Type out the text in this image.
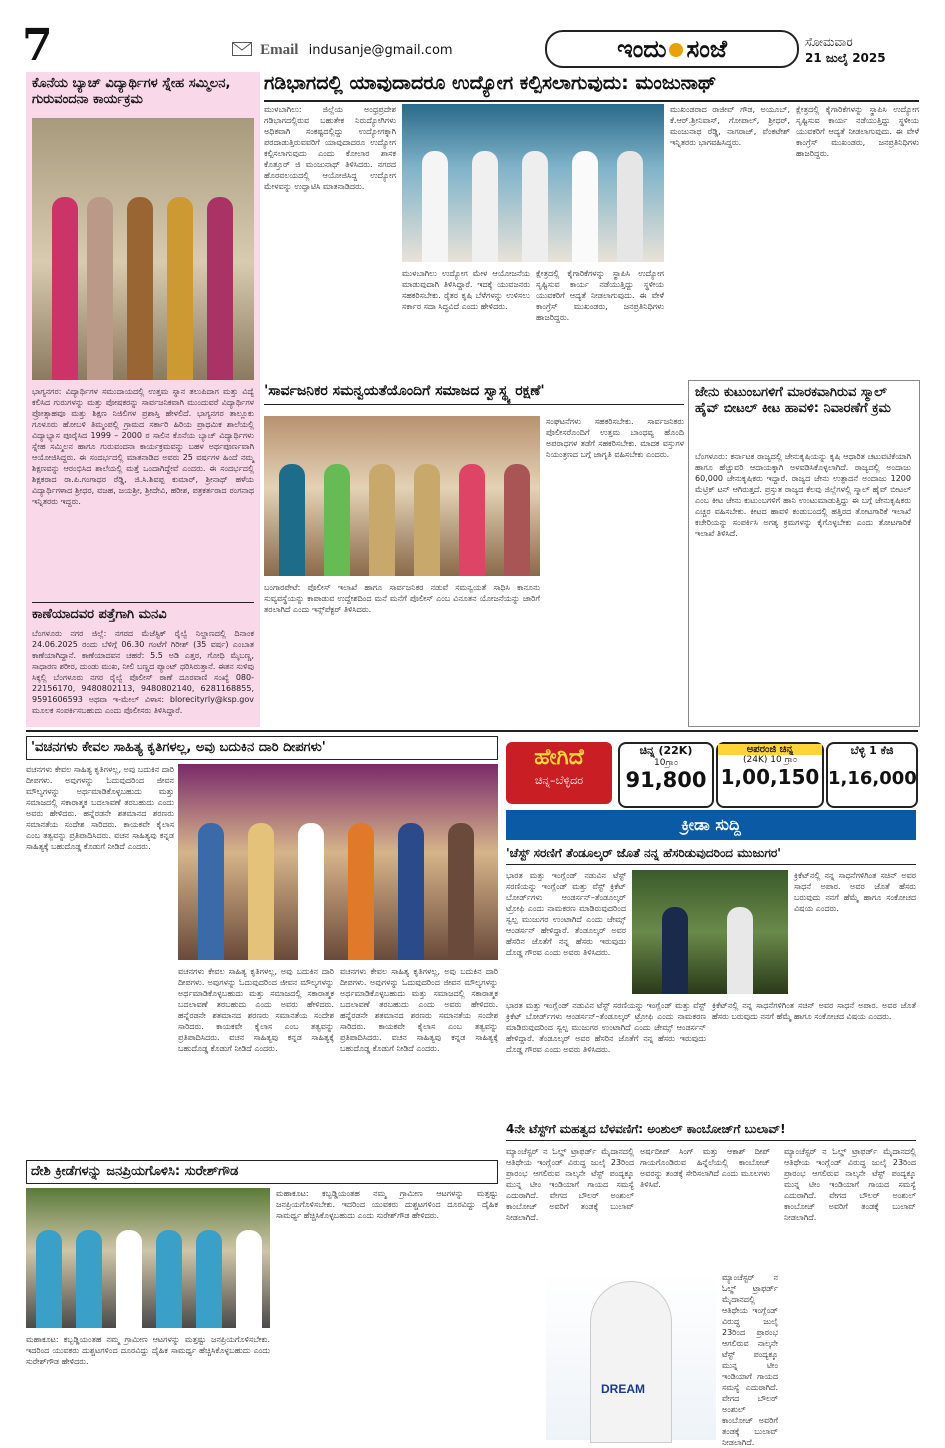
7	Email indusanje@gmail.com	ಇಂದು ಸಂಜೆ	ಸೋಮವಾರ
21 ಜುಲೈ 2025
ಕೊನೆಯ ಬ್ಯಾಚ್ ವಿದ್ಯಾರ್ಥಿಗಳ ಸ್ನೇಹ ಸಮ್ಮಿಲನ, ಗುರುವಂದನಾ ಕಾರ್ಯಕ್ರಮ
ಭಾಗ್ಯನಗರ: ವಿದ್ಯಾರ್ಥಿಗಳ ಸಮುದಾಯದಲ್ಲಿ ಉತ್ತಮ ಸ್ನಾನ ತಲುಪಿದಾಗ ಮತ್ತು ವಿದ್ಯೆ ಕಲಿಸಿದ ಗುರುಗಳನ್ನು ಮತ್ತು ಪೋಷಕರನ್ನು ಸಾರ್ವಜನಿಕವಾಗಿ ಮುಂದುವರೆ ವಿದ್ಯಾರ್ಥಿಗಳ ಪ್ರೋತ್ಸಾಹವೂ ಮತ್ತು ಶಿಕ್ಷಣ ನಿಜಿಲಿಗಳ ಪ್ರಶಾಸ್ತಿ ಹೇಳಲಿದೆ. ಭಾಗ್ಯನಗರ ತಾಲ್ಲೂಕು ಗೂಳೂರು ಹೋಬಳಿ ತಿಮ್ಮಂಪಲ್ಲಿ ಗ್ರಾಮದ ಸರ್ಕಾರಿ ಹಿರಿಯ ಪ್ರಾಥಮಿಕ ಶಾಲೆಯಲ್ಲಿ ವಿದ್ಯಾಭ್ಯಾಸ ಪೂರೈಸಿದ 1999 – 2000 ರ ಸಾಲಿನ ಕೊನೆಯ ಬ್ಯಾಚ್ ವಿದ್ಯಾರ್ಥಿಗಳು ಸ್ನೇಹ ಸಮ್ಮಿಲನ ಹಾಗೂ ಗುರುವಂದನಾ ಕಾರ್ಯಕ್ರಮವನ್ನು ಬಹಳ ಅರ್ಥಪೂರ್ಣವಾಗಿ ಆಯೋಜಿಸಿದ್ದರು. ಈ ಸಂದರ್ಭದಲ್ಲಿ ಮಾತನಾಡಿದ ಅವರು 25 ವರ್ಷಗಳ ಹಿಂದೆ ನಮ್ಮ ಶಿಕ್ಷಣವನ್ನು ಆರಂಭಿಸಿದ ಶಾಲೆಯಲ್ಲಿ ಮತ್ತೆ ಒಂದಾಗಿದ್ದೇವೆ ಎಂದರು. ಈ ಸಂದರ್ಭದಲ್ಲಿ ಶಿಕ್ಷಕರಾದ ರಾ.ಪಿ.ಗಂಗಾಧರ ರೆಡ್ಡಿ, ಜಿ.ಸಿ.ಶಿವಪ್ಪ ಕುಮಾರ್, ಶ್ರೀನಾಥ್ ಹಳೆಯ ವಿದ್ಯಾರ್ಥಿಗಳಾದ ಶ್ರೀಧರ, ವಜಹ, ಜಯಶ್ರೀ, ಶ್ರೀದೇವಿ, ಹರೀಶ, ಪತ್ರಕರ್ತರಾದ ರಂಗನಾಥ ಇನ್ನಿತರರು ಇದ್ದರು.
ಕಾಣೆಯಾದವರ ಪತ್ತೆಗಾಗಿ ಮನವಿ
ಬೆಂಗಳೂರು ನಗರ ಜಿಲ್ಲೆ: ನಗರದ ಮೆಜೆಸ್ಟಿಕ್ ರೈಲ್ವೆ ನಿಲ್ದಾಣದಲ್ಲಿ ದಿನಾಂಕ 24.06.2025 ರಂದು ಬೆಳಿಗ್ಗೆ 06.30 ಗಂಟೆಗೆ ಗಿರೀಶ್ (35 ವರ್ಷ) ಎಂಬಾತ ಕಾಣೆಯಾಗಿದ್ದಾನೆ. ಕಾಣೆಯಾದವನ ಚಹರೆ: 5.5 ಅಡಿ ಎತ್ತರ, ಗೋಧಿ ಮೈಬಣ್ಣ, ಸಾಧಾರಣ ಶರೀರ, ದುಂಡು ಮುಖ, ನೀಲಿ ಬಣ್ಣದ ಪ್ಯಾಂಟ್ ಧರಿಸಿರುತ್ತಾನೆ. ಈತನ ಸುಳಿವು ಸಿಕ್ಕಲ್ಲಿ ಬೆಂಗಳೂರು ನಗರ ರೈಲ್ವೆ ಪೊಲೀಸ್ ಠಾಣೆ ದೂರವಾಣಿ ಸಂಖ್ಯೆ 080-22156170, 9480802113, 9480802140, 6281168855, 9591606593 ಅಥವಾ ಇ-ಮೇಲ್ ವಿಳಾಸ: blorecityrly@ksp.gov ಮೂಲಕ ಸಂಪರ್ಕಿಸಬಹುದು ಎಂದು ಪೊಲೀಸರು ತಿಳಿಸಿದ್ದಾರೆ.
ಗಡಿಭಾಗದಲ್ಲಿ ಯಾವುದಾದರೂ ಉದ್ಯೋಗ ಕಲ್ಪಿಸಲಾಗುವುದು: ಮಂಜುನಾಥ್
ಮುಳಬಾಗಿಲು: ಜಿಲ್ಲೆಯ ಅಂಧ್ರಪ್ರದೇಶ ಗಡಿಭಾಗದಲ್ಲಿರುವ ಬಹುತೇಕ ನಿರುದ್ಯೋಗಿಗಳು ಅಧಿಕವಾಗಿ ಸಂಕಷ್ಟದಲ್ಲಿದ್ದು ಉದ್ಯೋಗಕ್ಕಾಗಿ ಪರದಾಡುತ್ತಿರುವವರಿಗೆ ಯಾವುದಾದರೂ ಉದ್ಯೋಗ ಕಲ್ಪಿಸಲಾಗುವುದು ಎಂದು ಕೋಲಾರ ಶಾಸಕ ಕೊತ್ತೂರ್ ಜಿ ಮಂಜುನಾಥ್ ತಿಳಿಸಿದರು. ನಗರದ ಹೊರವಲಯದಲ್ಲಿ ಆಯೋಜಿಸಿದ್ದ ಉದ್ಯೋಗ ಮೇಳವನ್ನು ಉದ್ಘಾಟಿಸಿ ಮಾತನಾಡಿದರು.
ಮುಳಬಾಗಿಲು ಉದ್ಯೋಗ ಮೇಳ ಆಯೋಜನೆಯ ಮಾಡುವುದಾಗಿ ತಿಳಿಸಿದ್ದಾರೆ. ಇದಕ್ಕೆ ಯುವಜನರು ಸಹಕರಿಸಬೇಕು. ರೈತರ ಕೃಷಿ ಬೆಳೆಗಳನ್ನು ಉಳಿಸಲು ಸರ್ಕಾರ ಸದಾ ಸಿದ್ಧವಿದೆ ಎಂದು ಹೇಳಿದರು.
ಕ್ಷೇತ್ರದಲ್ಲಿ ಕೈಗಾರಿಕೆಗಳನ್ನು ಸ್ಥಾಪಿಸಿ ಉದ್ಯೋಗ ಸೃಷ್ಟಿಸುವ ಕಾರ್ಯ ನಡೆಯುತ್ತಿದ್ದು ಸ್ಥಳೀಯ ಯುವಕರಿಗೆ ಆದ್ಯತೆ ನೀಡಲಾಗುವುದು. ಈ ವೇಳೆ ಕಾಂಗ್ರೆಸ್ ಮುಖಂಡರು, ಜನಪ್ರತಿನಿಧಿಗಳು ಹಾಜರಿದ್ದರು.
ಮುಖಂಡರಾದ ರಾಜೀವ್ ಗೌಡ, ಅಯೂಬ್, ಕೆ.ಆರ್.ಶ್ರೀನಿವಾಸ್, ಗೋಪಾಲ್, ಶ್ರೀಧರ್, ಮಂಜುನಾಥ ರೆಡ್ಡಿ, ನಾಗರಾಜ್, ವೆಂಕಟೇಶ್ ಇನ್ನಿತರರು ಭಾಗವಹಿಸಿದ್ದರು.
ಕ್ಷೇತ್ರದಲ್ಲಿ ಕೈಗಾರಿಕೆಗಳನ್ನು ಸ್ಥಾಪಿಸಿ ಉದ್ಯೋಗ ಸೃಷ್ಟಿಸುವ ಕಾರ್ಯ ನಡೆಯುತ್ತಿದ್ದು ಸ್ಥಳೀಯ ಯುವಕರಿಗೆ ಆದ್ಯತೆ ನೀಡಲಾಗುವುದು. ಈ ವೇಳೆ ಕಾಂಗ್ರೆಸ್ ಮುಖಂಡರು, ಜನಪ್ರತಿನಿಧಿಗಳು ಹಾಜರಿದ್ದರು.
'ಸಾರ್ವಜನಿಕರ ಸಮನ್ವಯತೆಯೊಂದಿಗೆ ಸಮಾಜದ ಸ್ವಾಸ್ಥ್ಯ ರಕ್ಷಣೆ'
ಬಂಗಾರಪೇಟೆ: ಪೊಲೀಸ್ ಇಲಾಖೆ ಹಾಗೂ ಸಾರ್ವಜನಿಕರ ನಡುವೆ ಸಮನ್ವಯತೆ ಸಾಧಿಸಿ ಕಾನೂನು ಸುವ್ಯವಸ್ಥೆಯನ್ನು ಕಾಪಾಡುವ ಉದ್ದೇಶದಿಂದ ಮನೆ ಮನೆಗೆ ಪೊಲೀಸ್ ಎಂಬ ವಿನೂತನ ಯೋಜನೆಯನ್ನು ಜಾರಿಗೆ ತರಲಾಗಿದೆ ಎಂದು ಇನ್ಸ್‌ಪೆಕ್ಟರ್ ತಿಳಿಸಿದರು.
ಸಂಘಟನೆಗಳು ಸಹಕರಿಸಬೇಕು. ಸಾರ್ವಜನಿಕರು ಪೊಲೀಸರೊಂದಿಗೆ ಉತ್ತಮ ಬಾಂಧವ್ಯ ಹೊಂದಿ ಅಪರಾಧಗಳ ತಡೆಗೆ ಸಹಕರಿಸಬೇಕು. ಮಾದಕ ವಸ್ತುಗಳ ನಿಯಂತ್ರಣದ ಬಗ್ಗೆ ಜಾಗೃತಿ ವಹಿಸಬೇಕು ಎಂದರು.
ಜೇನು ಕುಟುಂಬಗಳಿಗೆ ಮಾರಕವಾಗಿರುವ ಸ್ಮಾಲ್ ಹೈವ್ ಬೀಟಲ್ ಕೀಟ ಹಾವಳಿ: ನಿವಾರಣೆಗೆ ಕ್ರಮ
ಬೆಂಗಳೂರು: ಕರ್ನಾಟಕ ರಾಜ್ಯದಲ್ಲಿ ಜೇನುಕೃಷಿಯನ್ನು ಕೃಷಿ ಆಧಾರಿತ ಚಟುವಟಿಕೆಯಾಗಿ ಹಾಗೂ ಹೆಚ್ಚುವರಿ ಆದಾಯಕ್ಕಾಗಿ ಅಳವಡಿಸಿಕೊಳ್ಳಲಾಗಿದೆ. ರಾಜ್ಯದಲ್ಲಿ ಅಂದಾಜು 60,000 ಜೇನುಕೃಷಿಕರು ಇದ್ದಾರೆ. ರಾಜ್ಯದ ಜೇನು ಉತ್ಪಾದನೆ ಅಂದಾಜು 1200 ಮೆಟ್ರಿಕ್ ಟನ್ ಆಗಿರುತ್ತದೆ. ಪ್ರಸ್ತುತ ರಾಜ್ಯದ ಕೆಲವು ಜಿಲ್ಲೆಗಳಲ್ಲಿ ಸ್ಮಾಲ್ ಹೈವ್ ಬೀಟಲ್ ಎಂಬ ಕೀಟ ಜೇನು ಕುಟುಂಬಗಳಿಗೆ ಹಾನಿ ಉಂಟುಮಾಡುತ್ತಿದ್ದು ಈ ಬಗ್ಗೆ ಜೇನುಕೃಷಿಕರು ಎಚ್ಚರ ವಹಿಸಬೇಕು. ಕೀಟದ ಹಾವಳಿ ಕಂಡುಬಂದಲ್ಲಿ ಹತ್ತಿರದ ತೋಟಗಾರಿಕೆ ಇಲಾಖೆ ಕಚೇರಿಯನ್ನು ಸಂಪರ್ಕಿಸಿ ಅಗತ್ಯ ಕ್ರಮಗಳನ್ನು ಕೈಗೊಳ್ಳಬೇಕು ಎಂದು ತೋಟಗಾರಿಕೆ ಇಲಾಖೆ ತಿಳಿಸಿದೆ.
'ವಚನಗಳು ಕೇವಲ ಸಾಹಿತ್ಯ ಕೃತಿಗಳಲ್ಲ, ಅವು ಬದುಕಿನ ದಾರಿ ದೀಪಗಳು'
ವಚನಗಳು ಕೇವಲ ಸಾಹಿತ್ಯ ಕೃತಿಗಳಲ್ಲ, ಅವು ಬದುಕಿನ ದಾರಿ ದೀಪಗಳು. ಅವುಗಳನ್ನು ಓದುವುದರಿಂದ ಜೀವನ ಮೌಲ್ಯಗಳನ್ನು ಅರ್ಥಮಾಡಿಕೊಳ್ಳಬಹುದು ಮತ್ತು ಸಮಾಜದಲ್ಲಿ ಸಕಾರಾತ್ಮಕ ಬದಲಾವಣೆ ತರಬಹುದು ಎಂದು ಅವರು ಹೇಳಿದರು. ಹನ್ನೆರಡನೇ ಶತಮಾನದ ಶರಣರು ಸಮಾನತೆಯ ಸಂದೇಶ ಸಾರಿದರು. ಕಾಯಕವೇ ಕೈಲಾಸ ಎಂಬ ತತ್ವವನ್ನು ಪ್ರತಿಪಾದಿಸಿದರು. ವಚನ ಸಾಹಿತ್ಯವು ಕನ್ನಡ ಸಾಹಿತ್ಯಕ್ಕೆ ಬಹುದೊಡ್ಡ ಕೊಡುಗೆ ನೀಡಿದೆ ಎಂದರು.
ವಚನಗಳು ಕೇವಲ ಸಾಹಿತ್ಯ ಕೃತಿಗಳಲ್ಲ, ಅವು ಬದುಕಿನ ದಾರಿ ದೀಪಗಳು. ಅವುಗಳನ್ನು ಓದುವುದರಿಂದ ಜೀವನ ಮೌಲ್ಯಗಳನ್ನು ಅರ್ಥಮಾಡಿಕೊಳ್ಳಬಹುದು ಮತ್ತು ಸಮಾಜದಲ್ಲಿ ಸಕಾರಾತ್ಮಕ ಬದಲಾವಣೆ ತರಬಹುದು ಎಂದು ಅವರು ಹೇಳಿದರು. ಹನ್ನೆರಡನೇ ಶತಮಾನದ ಶರಣರು ಸಮಾನತೆಯ ಸಂದೇಶ ಸಾರಿದರು. ಕಾಯಕವೇ ಕೈಲಾಸ ಎಂಬ ತತ್ವವನ್ನು ಪ್ರತಿಪಾದಿಸಿದರು. ವಚನ ಸಾಹಿತ್ಯವು ಕನ್ನಡ ಸಾಹಿತ್ಯಕ್ಕೆ ಬಹುದೊಡ್ಡ ಕೊಡುಗೆ ನೀಡಿದೆ ಎಂದರು.
ವಚನಗಳು ಕೇವಲ ಸಾಹಿತ್ಯ ಕೃತಿಗಳಲ್ಲ, ಅವು ಬದುಕಿನ ದಾರಿ ದೀಪಗಳು. ಅವುಗಳನ್ನು ಓದುವುದರಿಂದ ಜೀವನ ಮೌಲ್ಯಗಳನ್ನು ಅರ್ಥಮಾಡಿಕೊಳ್ಳಬಹುದು ಮತ್ತು ಸಮಾಜದಲ್ಲಿ ಸಕಾರಾತ್ಮಕ ಬದಲಾವಣೆ ತರಬಹುದು ಎಂದು ಅವರು ಹೇಳಿದರು. ಹನ್ನೆರಡನೇ ಶತಮಾನದ ಶರಣರು ಸಮಾನತೆಯ ಸಂದೇಶ ಸಾರಿದರು. ಕಾಯಕವೇ ಕೈಲಾಸ ಎಂಬ ತತ್ವವನ್ನು ಪ್ರತಿಪಾದಿಸಿದರು. ವಚನ ಸಾಹಿತ್ಯವು ಕನ್ನಡ ಸಾಹಿತ್ಯಕ್ಕೆ ಬಹುದೊಡ್ಡ ಕೊಡುಗೆ ನೀಡಿದೆ ಎಂದರು.
ದೇಶಿ ಕ್ರೀಡೆಗಳನ್ನು ಜನಪ್ರಿಯಗೊಳಿಸಿ: ಸುರೇಶ್‌ಗೌಡ
ಮಹಾಕೂಟ: ಕಬ್ಬಡ್ಡಿಯಂತಹ ನಮ್ಮ ಗ್ರಾಮೀಣ ಆಟಗಳನ್ನು ಮತ್ತಷ್ಟು ಜನಪ್ರಿಯಗೊಳಿಸಬೇಕು. ಇದರಿಂದ ಯುವಕರು ದುಶ್ಚಟಗಳಿಂದ ದೂರವಿದ್ದು ದೈಹಿಕ ಸಾಮರ್ಥ್ಯ ಹೆಚ್ಚಿಸಿಕೊಳ್ಳಬಹುದು ಎಂದು ಸುರೇಶ್‌ಗೌಡ ಹೇಳಿದರು.
ಮಹಾಕೂಟ: ಕಬ್ಬಡ್ಡಿಯಂತಹ ನಮ್ಮ ಗ್ರಾಮೀಣ ಆಟಗಳನ್ನು ಮತ್ತಷ್ಟು ಜನಪ್ರಿಯಗೊಳಿಸಬೇಕು. ಇದರಿಂದ ಯುವಕರು ದುಶ್ಚಟಗಳಿಂದ ದೂರವಿದ್ದು ದೈಹಿಕ ಸಾಮರ್ಥ್ಯ ಹೆಚ್ಚಿಸಿಕೊಳ್ಳಬಹುದು ಎಂದು ಸುರೇಶ್‌ಗೌಡ ಹೇಳಿದರು.
ಹೇಗಿದೆ
ಚಿನ್ನ–ಬೆಳ್ಳಿದರ
ಚಿನ್ನ (22K)
10ಗ್ರಾಂ
91,800
ಅಪರಂಜಿ ಚಿನ್ನ
(24K) 10 ಗ್ರಾಂ
1,00,150
ಬೆಳ್ಳಿ 1 ಕೆಜಿ
1,16,000
ಕ್ರೀಡಾ ಸುದ್ದಿ
'ಚೆಸ್ಟ್ ಸರಣಿಗೆ ತೆಂಡೂಲ್ಕರ್ ಜೊತೆ ನನ್ನ ಹೆಸರಿಡುವುದರಿಂದ ಮುಜುಗರ'
ಭಾರತ ಮತ್ತು ಇಂಗ್ಲೆಂಡ್ ನಡುವಿನ ಟೆಸ್ಟ್ ಸರಣಿಯನ್ನು ಇಂಗ್ಲೆಂಡ್ ಮತ್ತು ವೆಸ್ಟ್ ಕ್ರಿಕೆಟ್ ಬೋರ್ಡ್‌ಗಳು ಆಂಡರ್ಸನ್–ತೆಂಡೂಲ್ಕರ್ ಟ್ರೋಫಿ ಎಂದು ನಾಮಕರಣ ಮಾಡಿರುವುದರಿಂದ ಸ್ವಲ್ಪ ಮುಜುಗರ ಉಂಟಾಗಿದೆ ಎಂದು ಜೇಮ್ಸ್ ಆಂಡರ್ಸನ್ ಹೇಳಿದ್ದಾರೆ. ತೆಂಡೂಲ್ಕರ್ ಅವರ ಹೆಸರಿನ ಜೊತೆಗೆ ನನ್ನ ಹೆಸರು ಇರುವುದು ದೊಡ್ಡ ಗೌರವ ಎಂದು ಅವರು ತಿಳಿಸಿದರು.
ಕ್ರಿಕೆಟ್‌ನಲ್ಲಿ ನನ್ನ ಸಾಧನೆಗಳಿಗಿಂತ ಸಚಿನ್ ಅವರ ಸಾಧನೆ ಅಪಾರ. ಅವರ ಜೊತೆ ಹೆಸರು ಬರುವುದು ನನಗೆ ಹೆಮ್ಮೆ ಹಾಗೂ ಸಂಕೋಚದ ವಿಷಯ ಎಂದರು.
ಭಾರತ ಮತ್ತು ಇಂಗ್ಲೆಂಡ್ ನಡುವಿನ ಟೆಸ್ಟ್ ಸರಣಿಯನ್ನು ಇಂಗ್ಲೆಂಡ್ ಮತ್ತು ವೆಸ್ಟ್ ಕ್ರಿಕೆಟ್ ಬೋರ್ಡ್‌ಗಳು ಆಂಡರ್ಸನ್–ತೆಂಡೂಲ್ಕರ್ ಟ್ರೋಫಿ ಎಂದು ನಾಮಕರಣ ಮಾಡಿರುವುದರಿಂದ ಸ್ವಲ್ಪ ಮುಜುಗರ ಉಂಟಾಗಿದೆ ಎಂದು ಜೇಮ್ಸ್ ಆಂಡರ್ಸನ್ ಹೇಳಿದ್ದಾರೆ. ತೆಂಡೂಲ್ಕರ್ ಅವರ ಹೆಸರಿನ ಜೊತೆಗೆ ನನ್ನ ಹೆಸರು ಇರುವುದು ದೊಡ್ಡ ಗೌರವ ಎಂದು ಅವರು ತಿಳಿಸಿದರು.
ಕ್ರಿಕೆಟ್‌ನಲ್ಲಿ ನನ್ನ ಸಾಧನೆಗಳಿಗಿಂತ ಸಚಿನ್ ಅವರ ಸಾಧನೆ ಅಪಾರ. ಅವರ ಜೊತೆ ಹೆಸರು ಬರುವುದು ನನಗೆ ಹೆಮ್ಮೆ ಹಾಗೂ ಸಂಕೋಚದ ವಿಷಯ ಎಂದರು.
4ನೇ ಟೆಸ್ಟ್‌ಗೆ ಮಹತ್ವದ ಬೆಳವಣಿಗೆ: ಅಂಶುಲ್ ಕಾಂಬೋಜ್‌ಗೆ ಬುಲಾವ್!
ಮ್ಯಾಂಚೆಸ್ಟರ್ ನ ಓಲ್ಡ್ ಟ್ರಾಫರ್ಡ್ ಮೈದಾನದಲ್ಲಿ ಆತಿಥೇಯ ಇಂಗ್ಲೆಂಡ್ ವಿರುದ್ಧ ಜುಲೈ 23ರಿಂದ ಪ್ರಾರಂಭ ಆಗಲಿರುವ ನಾಲ್ಕನೇ ಟೆಸ್ಟ್ ಪಂದ್ಯಕ್ಕೂ ಮುನ್ನ ಟೀಂ ಇಂಡಿಯಾಗೆ ಗಾಯದ ಸಮಸ್ಯೆ ಎದುರಾಗಿದೆ. ವೇಗದ ಬೌಲರ್ ಅಂಶುಲ್ ಕಾಂಬೋಜ್ ಅವರಿಗೆ ತಂಡಕ್ಕೆ ಬುಲಾವ್ ನೀಡಲಾಗಿದೆ.
DREAM
ಅರ್ಷದೀಪ್ ಸಿಂಗ್ ಮತ್ತು ಆಕಾಶ್ ದೀಪ್ ಗಾಯಗೊಂಡಿರುವ ಹಿನ್ನೆಲೆಯಲ್ಲಿ ಕಾಂಬೋಜ್ ಅವರನ್ನು ತಂಡಕ್ಕೆ ಸೇರಿಸಲಾಗಿದೆ ಎಂದು ಮೂಲಗಳು ತಿಳಿಸಿವೆ.
ಮ್ಯಾಂಚೆಸ್ಟರ್ ನ ಓಲ್ಡ್ ಟ್ರಾಫರ್ಡ್ ಮೈದಾನದಲ್ಲಿ ಆತಿಥೇಯ ಇಂಗ್ಲೆಂಡ್ ವಿರುದ್ಧ ಜುಲೈ 23ರಿಂದ ಪ್ರಾರಂಭ ಆಗಲಿರುವ ನಾಲ್ಕನೇ ಟೆಸ್ಟ್ ಪಂದ್ಯಕ್ಕೂ ಮುನ್ನ ಟೀಂ ಇಂಡಿಯಾಗೆ ಗಾಯದ ಸಮಸ್ಯೆ ಎದುರಾಗಿದೆ. ವೇಗದ ಬೌಲರ್ ಅಂಶುಲ್ ಕಾಂಬೋಜ್ ಅವರಿಗೆ ತಂಡಕ್ಕೆ ಬುಲಾವ್ ನೀಡಲಾಗಿದೆ.
ಮ್ಯಾಂಚೆಸ್ಟರ್ ನ ಓಲ್ಡ್ ಟ್ರಾಫರ್ಡ್ ಮೈದಾನದಲ್ಲಿ ಆತಿಥೇಯ ಇಂಗ್ಲೆಂಡ್ ವಿರುದ್ಧ ಜುಲೈ 23ರಿಂದ ಪ್ರಾರಂಭ ಆಗಲಿರುವ ನಾಲ್ಕನೇ ಟೆಸ್ಟ್ ಪಂದ್ಯಕ್ಕೂ ಮುನ್ನ ಟೀಂ ಇಂಡಿಯಾಗೆ ಗಾಯದ ಸಮಸ್ಯೆ ಎದುರಾಗಿದೆ. ವೇಗದ ಬೌಲರ್ ಅಂಶುಲ್ ಕಾಂಬೋಜ್ ಅವರಿಗೆ ತಂಡಕ್ಕೆ ಬುಲಾವ್ ನೀಡಲಾಗಿದೆ.
